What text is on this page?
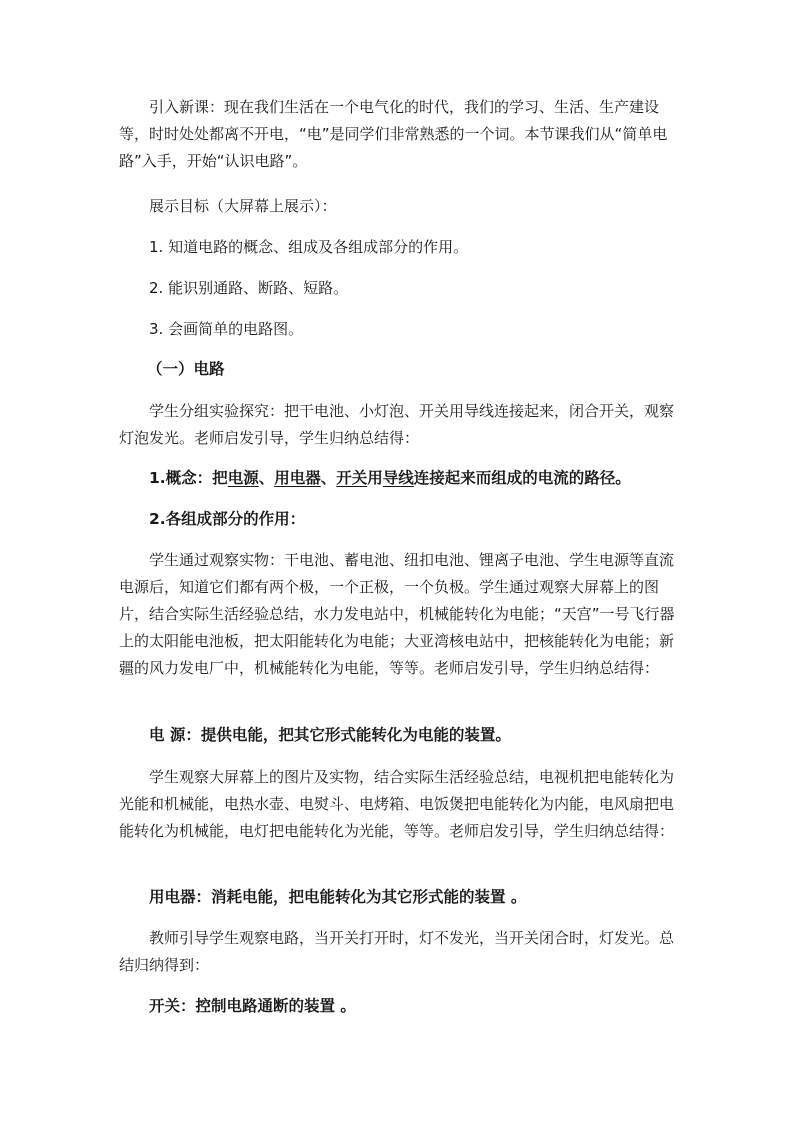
引入新课：现在我们生活在一个电气化的时代，我们的学习、生活、生产建设等，时时处处都离不开电，“电”是同学们非常熟悉的一个词。本节课我们从“简单电路”入手，开始“认识电路”。

展示目标（大屏幕上展示）：

1. 知道电路的概念、组成及各组成部分的作用。

2. 能识别通路、断路、短路。

3. 会画简单的电路图。

（一）电路

学生分组实验探究：把干电池、小灯泡、开关用导线连接起来，闭合开关，观察灯泡发光。老师启发引导，学生归纳总结得：

1.概念：把电源、用电器、开关用导线连接起来而组成的电流的路径。

2.各组成部分的作用：

学生通过观察实物：干电池、蓄电池、纽扣电池、锂离子电池、学生电源等直流电源后，知道它们都有两个极，一个正极，一个负极。学生通过观察大屏幕上的图片，结合实际生活经验总结，水力发电站中，机械能转化为电能；“天宫”一号飞行器上的太阳能电池板，把太阳能转化为电能；大亚湾核电站中，把核能转化为电能；新疆的风力发电厂中，机械能转化为电能，等等。老师启发引导，学生归纳总结得：

电 源：提供电能，把其它形式能转化为电能的装置。

学生观察大屏幕上的图片及实物，结合实际生活经验总结，电视机把电能转化为光能和机械能，电热水壶、电熨斗、电烤箱、电饭煲把电能转化为内能，电风扇把电能转化为机械能，电灯把电能转化为光能，等等。老师启发引导，学生归纳总结得：

用电器：消耗电能，把电能转化为其它形式能的装置 。

教师引导学生观察电路，当开关打开时，灯不发光，当开关闭合时，灯发光。总结归纳得到：

开关：控制电路通断的装置 。
